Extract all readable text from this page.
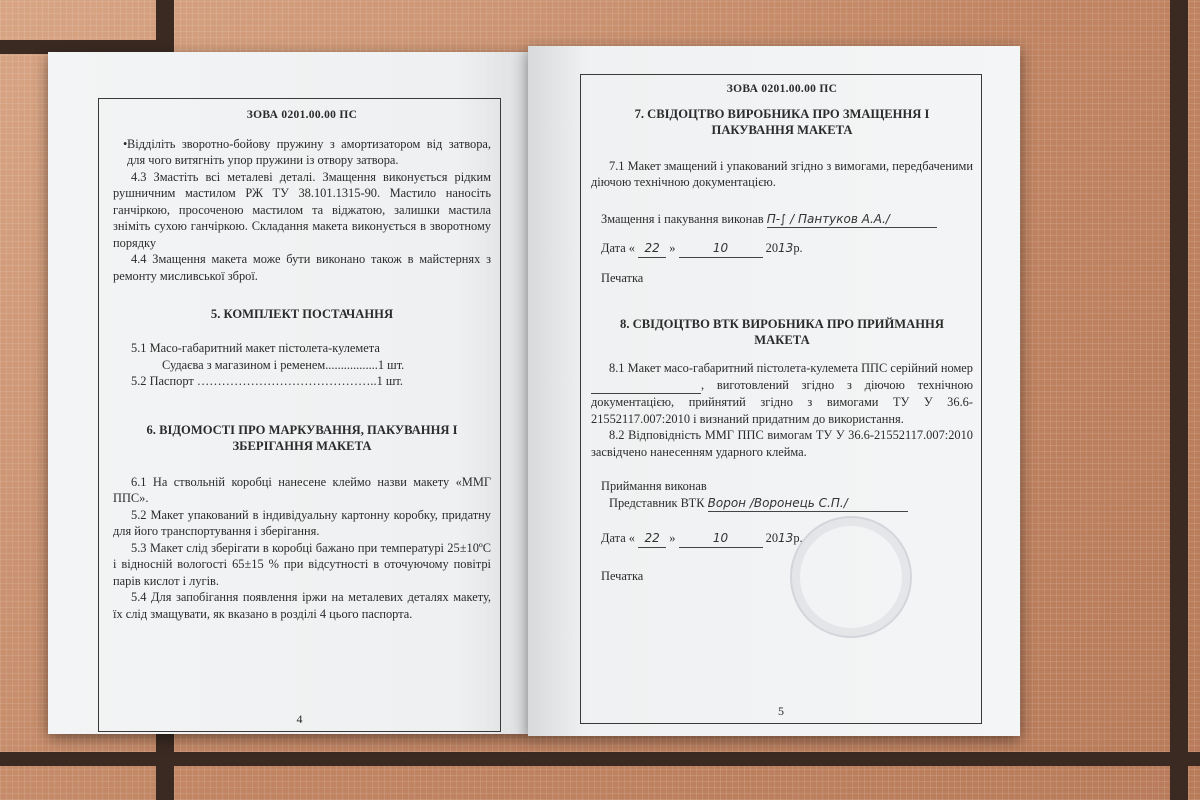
ЗОВА 0201.00.00 ПС

• Відділіть зворотно-бойову пружину з амортизатором від затвора, для чого витягніть упор пружини із отвору затвора.

4.3 Змастіть всі металеві деталі. Змащення виконується рідким рушничним мастилом РЖ ТУ 38.101.1315-90. Мастило наносіть ганчіркою, просоченою мастилом та віджатою, залишки мастила зніміть сухою ганчіркою. Складання макета виконується в зворотному порядку

4.4 Змащення макета може бути виконано також в майстернях з ремонту мисливської зброї.

5. КОМПЛЕКТ ПОСТАЧАННЯ

5.1 Масо-габаритний макет пістолета-кулемета

Судаєва з магазином і ременем.................1 шт.

5.2 Паспорт ……………………………………..1 шт.

6. ВІДОМОСТІ ПРО МАРКУВАННЯ, ПАКУВАННЯ І ЗБЕРІГАННЯ МАКЕТА

6.1 На ствольній коробці нанесене клеймо назви макету «ММГ ППС».

5.2 Макет упакований в індивідуальну картонну коробку, придатну для його транспортування і зберігання.

5.3 Макет слід зберігати в коробці бажано при температурі 25±10ºС і відносній вологості 65±15 % при відсутності в оточуючому повітрі парів кислот і лугів.

5.4 Для запобігання появлення іржи на металевих деталях макету, їх слід змащувати, як вказано в розділі 4 цього паспорта.

4
ЗОВА 0201.00.00 ПС
7. СВІДОЦТВО ВИРОБНИКА ПРО ЗМАЩЕННЯ І ПАКУВАННЯ МАКЕТА

7.1 Макет змащений і упакований згідно з вимогами, передбаченими діючою технічною документацією.

Змащення і пакування виконав П-∫ / Пантуков А.А./

Дата « 22 »	10	2013р.

Печатка

8. СВІДОЦТВО ВТК ВИРОБНИКА ПРО ПРИЙМАННЯ МАКЕТА

8.1 Макет масо-габаритний пістолета-кулемета ППС серійний номер  , виготовлений згідно з діючою технічною документацією, прийнятий згідно з вимогами ТУ У 36.6-21552117.007:2010 і визнаний придатним до використання.

8.2 Відповідність ММГ ППС вимогам ТУ У 36.6-21552117.007:2010 засвідчено нанесенням ударного клейма.

Приймання виконав

Представник ВТК Ворон /Воронець С.П./

Дата « 22 »	10	2013р.

Печатка

5
